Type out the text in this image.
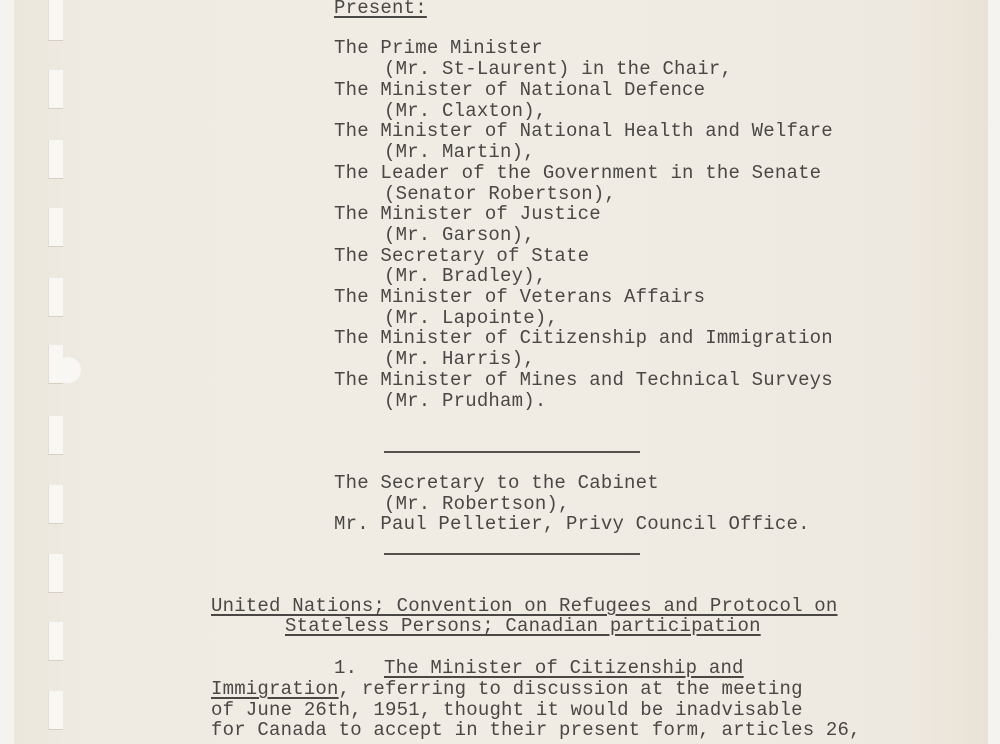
Present:
The Prime Minister
(Mr. St-Laurent) in the Chair,
The Minister of National Defence
(Mr. Claxton),
The Minister of National Health and Welfare
(Mr. Martin),
The Leader of the Government in the Senate
(Senator Robertson),
The Minister of Justice
(Mr. Garson),
The Secretary of State
(Mr. Bradley),
The Minister of Veterans Affairs
(Mr. Lapointe),
The Minister of Citizenship and Immigration
(Mr. Harris),
The Minister of Mines and Technical Surveys
(Mr. Prudham).
The Secretary to the Cabinet
(Mr. Robertson),
Mr. Paul Pelletier, Privy Council Office.
United Nations; Convention on Refugees and Protocol on
Stateless Persons; Canadian participation
1. The Minister of Citizenship and
Immigration, referring to discussion at the meeting
of June 26th, 1951, thought it would be inadvisable
for Canada to accept in their present form, articles 26,
